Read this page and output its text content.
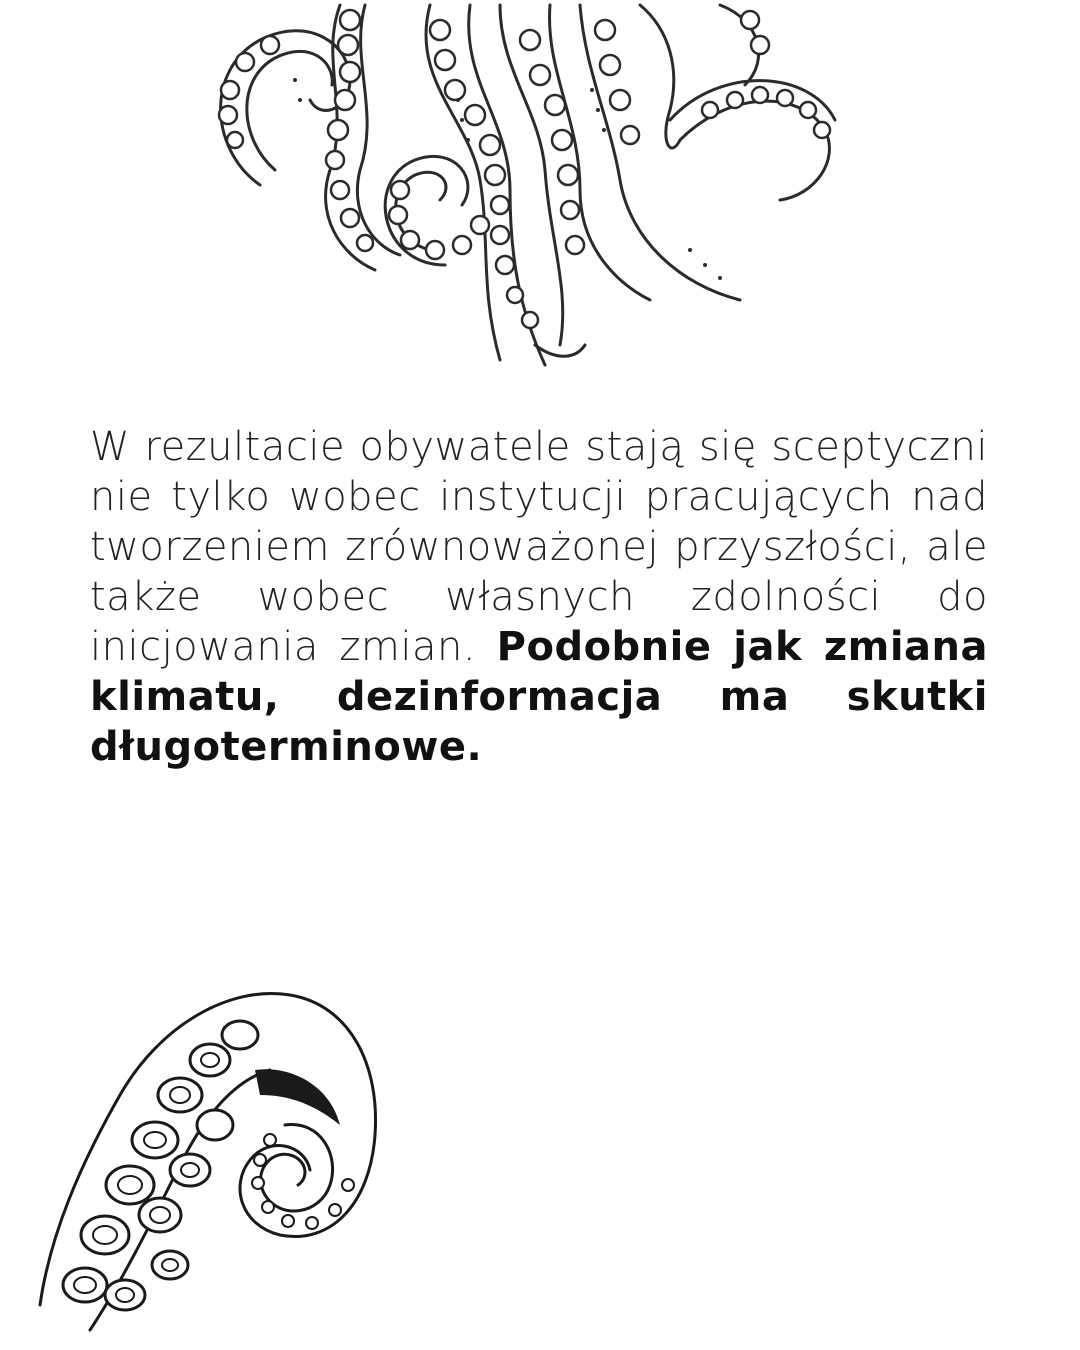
W rezultacie obywatele stają się sceptyczni nie tylko wobec instytucji pracujących nad tworzeniem zrównoważonej przyszłości, ale także wobec własnych zdolności do inicjowania zmian. Podobnie jak zmiana klimatu, dezinformacja ma skutki długoterminowe.
